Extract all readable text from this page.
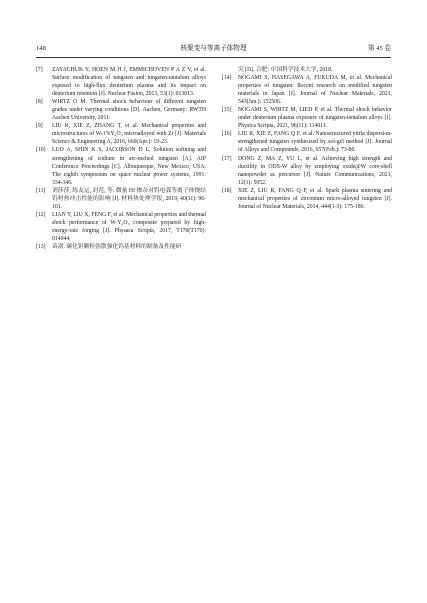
148	核聚变与等离子体物理	第 45 卷
[7] ZAYACHUK Y, HOEN M H J, EMMICHOVEN P A Z V, et al. Surface modification of tungsten and tungsten-tantalum alloys exposed to high-flux deuterium plasma and its impact on deuterium retention [J]. Nuclear Fusion, 2013, 53(1): 013013.
[8] WIRTZ O M. Thermal shock behaviour of different tungsten grades under varying conditions [D]. Aachen, Germany: RWTH Aachen University, 2011.
[9] LIU R, XIE Z, ZHANG T, et al. Mechanical properties and microstructures of W-1%Y₂O₃ microalloyed with Zr [J]. Materials Science & Engineering A, 2016, 660(Apr.): 19-23.
[10] LUO A, SHIN K S, JACOBSON D L. Solution softning and strengthening of iridium in arc-melted tungsten [A]. AIP Conference Proceedings [C]. Albuquerque, New Mexico, USA: The eighth symposium on space nuclear power systems, 1991: 334-346.
[11] 刘莎莎, 练友运, 封范, 等. 微量 Hf 掺杂对钨电弧等离子体烧结钨材热冲击性能的影响 [J]. 材料热处理学报, 2019, 40(11): 96-101.
[12] LIAN Y, LIU X, FENG F, et al. Mechanical properties and thermal shock performance of W-Y₂O₃ composite prepared by high-energy-rate forging [J]. Physaca Scripta, 2017, T170(T170): 014044.
[13] 苗澍. 碳化钽颗粒弥散强化钨基材料的制备及性能研
究 [D]. 合肥: 中国科学技术大学, 2018.
[14] NOGAMI S, HASEGAWA A, FUKUDA M, et al. Mechanical properties of tungsten: Recent research on modified tungsten materials in Japan [J]. Journal of Nuclear Materials, 2021, 543(Jan.): 152506.
[15] NOGAMI S, WIRTZ M, LIED P, et al. Thermal shock behavior under deuterium plasma exposure of tungsten-tantalum alloys [J]. Physica Scripta, 2021, 96(11): 114011.
[16] LIU R, XIE Z, FANG Q F, et al. Nanostructured yttria dispersion-strengthened tungsten synthesized by sol-gel method [J]. Journal of Alloys and Compounds, 2016, 657(Feb.): 73-80.
[17] DONG Z, MA Z, YU L, et al. Achieving high strength and ductility in ODS-W alloy by employing oxide@W core-shell nanopowder as precursor [J]. Nature Communications, 2021, 12(1): 5052.
[18] XIE Z, LIU R, FANG Q F, et al. Spark plasma sintering and mechanical properties of zirconium micro-alloyed tungsten [J]. Journal of Nuclear Materials, 2014, 444(1-3): 175-180.
